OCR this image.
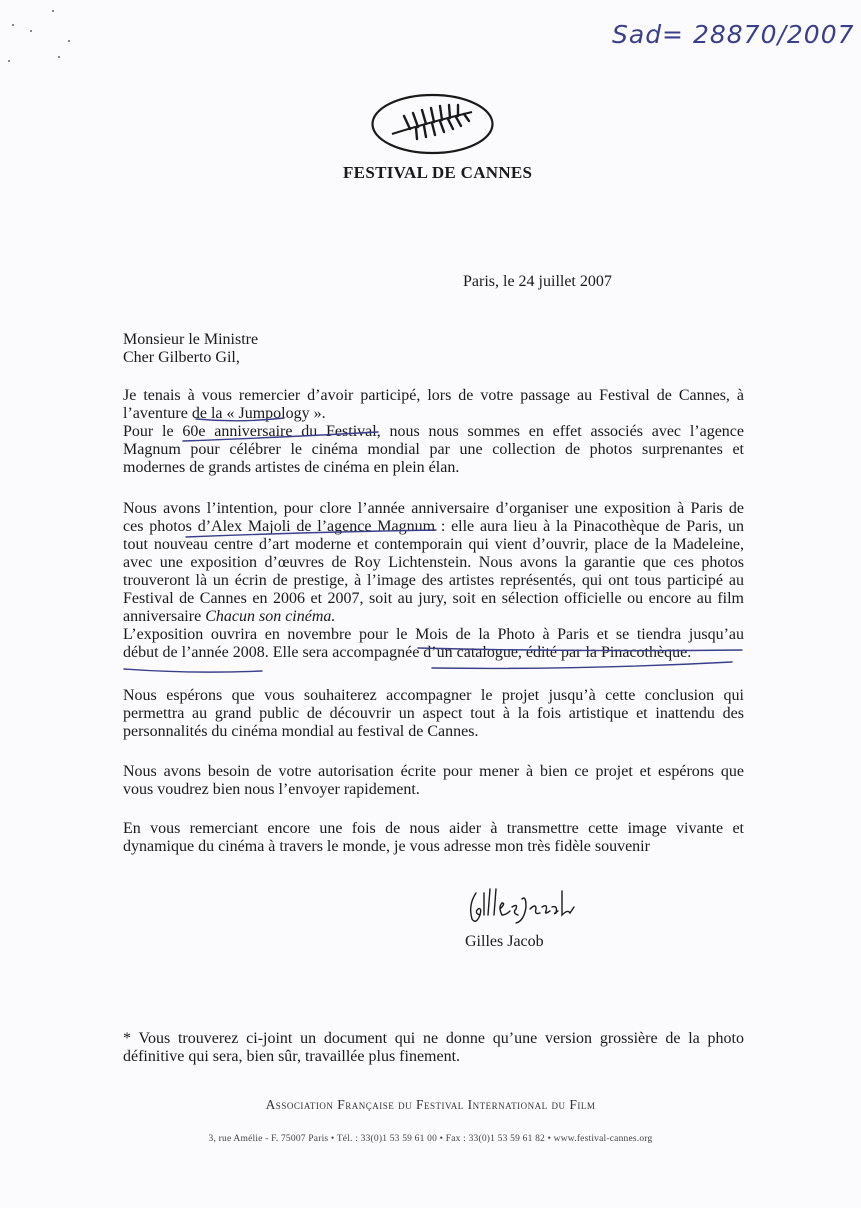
Sad= 28870/2007
FESTIVAL DE CANNES
Paris, le 24 juillet 2007
Monsieur le Ministre
Cher Gilberto Gil,

Je tenais à vous remercier d’avoir participé, lors de votre passage au Festival de Cannes, à

l’aventure de la « Jumpology ».

Pour le 60e anniversaire du Festival, nous nous sommes en effet associés avec l’agence

Magnum pour célébrer le cinéma mondial par une collection de photos surprenantes et

modernes de grands artistes de cinéma en plein élan.

Nous avons l’intention, pour clore l’année anniversaire d’organiser une exposition à Paris de

ces photos d’Alex Majoli de l’agence Magnum : elle aura lieu à la Pinacothèque de Paris, un

tout nouveau centre d’art moderne et contemporain qui vient d’ouvrir, place de la Madeleine,

avec une exposition d’œuvres de Roy Lichtenstein. Nous avons la garantie que ces photos

trouveront là un écrin de prestige, à l’image des artistes représentés, qui ont tous participé au

Festival de Cannes en 2006 et 2007, soit au jury, soit en sélection officielle ou encore au film

anniversaire Chacun son cinéma.

L’exposition ouvrira en novembre pour le Mois de la Photo à Paris et se tiendra jusqu’au

début de l’année 2008. Elle sera accompagnée d’un catalogue, édité par la Pinacothèque.

Nous espérons que vous souhaiterez accompagner le projet jusqu’à cette conclusion qui

permettra au grand public de découvrir un aspect tout à la fois artistique et inattendu des

personnalités du cinéma mondial au festival de Cannes.

Nous avons besoin de votre autorisation écrite pour mener à bien ce projet et espérons que

vous voudrez bien nous l’envoyer rapidement.

En vous remerciant encore une fois de nous aider à transmettre cette image vivante et

dynamique du cinéma à travers le monde, je vous adresse mon très fidèle souvenir

Gilles Jacob

* Vous trouverez ci-joint un document qui ne donne qu’une version grossière de la photo

définitive qui sera, bien sûr, travaillée plus finement.

Association Française du Festival International du Film
3, rue Amélie - F. 75007 Paris • Tél. : 33(0)1 53 59 61 00 • Fax : 33(0)1 53 59 61 82 • www.festival-cannes.org
